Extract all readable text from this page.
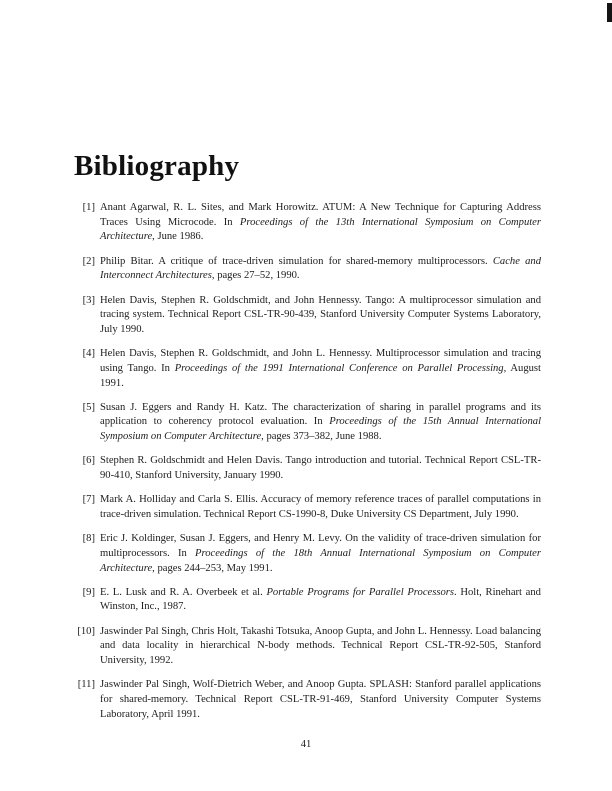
Bibliography
[1] Anant Agarwal, R. L. Sites, and Mark Horowitz. ATUM: A New Technique for Capturing Address Traces Using Microcode. In Proceedings of the 13th International Symposium on Computer Architecture, June 1986.
[2] Philip Bitar. A critique of trace-driven simulation for shared-memory multiprocessors. Cache and Interconnect Architectures, pages 27–52, 1990.
[3] Helen Davis, Stephen R. Goldschmidt, and John Hennessy. Tango: A multiprocessor simulation and tracing system. Technical Report CSL-TR-90-439, Stanford University Computer Systems Laboratory, July 1990.
[4] Helen Davis, Stephen R. Goldschmidt, and John L. Hennessy. Multiprocessor simulation and tracing using Tango. In Proceedings of the 1991 International Conference on Parallel Processing, August 1991.
[5] Susan J. Eggers and Randy H. Katz. The characterization of sharing in parallel programs and its application to coherency protocol evaluation. In Proceedings of the 15th Annual International Symposium on Computer Architecture, pages 373–382, June 1988.
[6] Stephen R. Goldschmidt and Helen Davis. Tango introduction and tutorial. Technical Report CSL-TR-90-410, Stanford University, January 1990.
[7] Mark A. Holliday and Carla S. Ellis. Accuracy of memory reference traces of parallel computations in trace-driven simulation. Technical Report CS-1990-8, Duke University CS Department, July 1990.
[8] Eric J. Koldinger, Susan J. Eggers, and Henry M. Levy. On the validity of trace-driven simulation for multiprocessors. In Proceedings of the 18th Annual International Symposium on Computer Architecture, pages 244–253, May 1991.
[9] E. L. Lusk and R. A. Overbeek et al. Portable Programs for Parallel Processors. Holt, Rinehart and Winston, Inc., 1987.
[10] Jaswinder Pal Singh, Chris Holt, Takashi Totsuka, Anoop Gupta, and John L. Hennessy. Load balancing and data locality in hierarchical N-body methods. Technical Report CSL-TR-92-505, Stanford University, 1992.
[11] Jaswinder Pal Singh, Wolf-Dietrich Weber, and Anoop Gupta. SPLASH: Stanford parallel applications for shared-memory. Technical Report CSL-TR-91-469, Stanford University Computer Systems Laboratory, April 1991.
41
